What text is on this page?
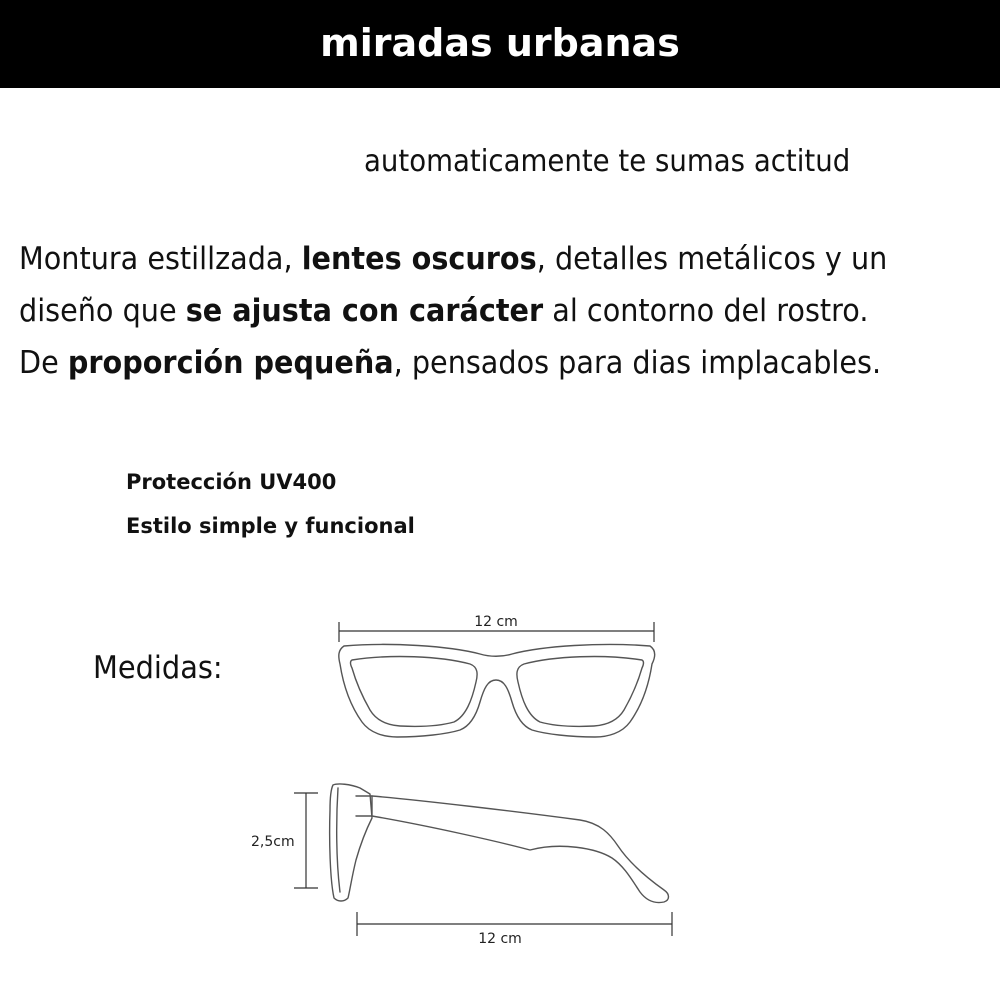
miradas urbanas
automaticamente te sumas actitud
Montura estillzada, lentes oscuros, detalles metálicos y un
diseño que se ajusta con carácter al contorno del rostro.
De proporción pequeña, pensados para dias implacables.
Protección UV400
Estilo simple y funcional
Medidas:
12 cm
2,5cm
12 cm
